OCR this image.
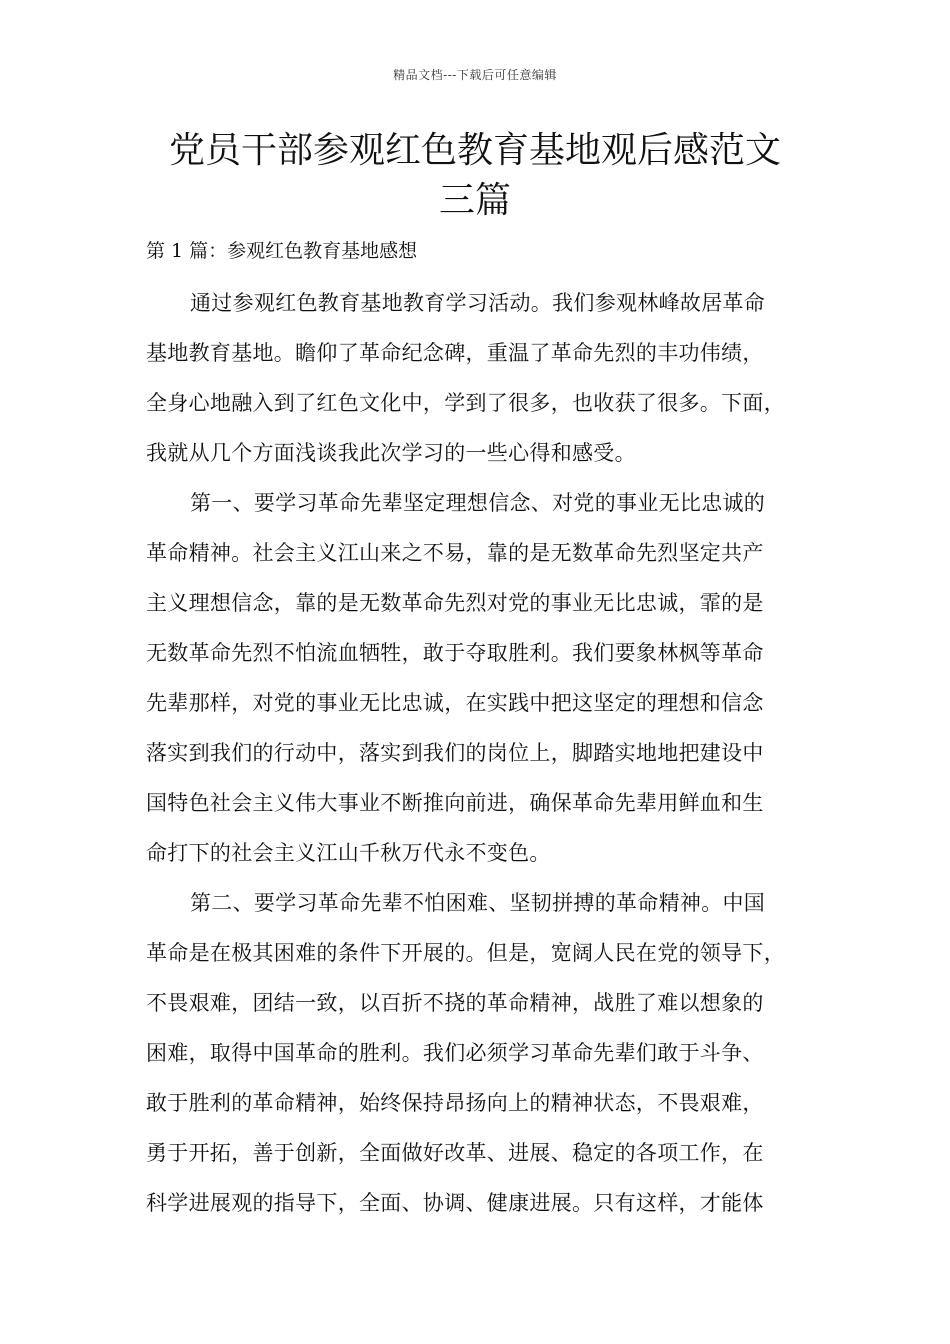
精品文档---下载后可任意编辑
党员干部参观红色教育基地观后感范文
三篇
第 1 篇：参观红色教育基地感想
通过参观红色教育基地教育学习活动。我们参观林峰故居革命
基地教育基地。瞻仰了革命纪念碑，重温了革命先烈的丰功伟绩，
全身心地融入到了红色文化中，学到了很多，也收获了很多。下面，
我就从几个方面浅谈我此次学习的一些心得和感受。
第一、要学习革命先辈坚定理想信念、对党的事业无比忠诚的
革命精神。社会主义江山来之不易，靠的是无数革命先烈坚定共产
主义理想信念，靠的是无数革命先烈对党的事业无比忠诚，霏的是
无数革命先烈不怕流血牺牲，敢于夺取胜利。我们要象林枫等革命
先辈那样，对党的事业无比忠诚，在实践中把这坚定的理想和信念
落实到我们的行动中，落实到我们的岗位上，脚踏实地地把建设中
国特色社会主义伟大事业不断推向前进，确保革命先辈用鲜血和生
命打下的社会主义江山千秋万代永不变色。
第二、要学习革命先辈不怕困难、坚韧拼搏的革命精神。中国
革命是在极其困难的条件下开展的。但是，宽阔人民在党的领导下，
不畏艰难，团结一致，以百折不挠的革命精神，战胜了难以想象的
困难，取得中国革命的胜利。我们必须学习革命先辈们敢于斗争、
敢于胜利的革命精神，始终保持昂扬向上的精神状态，不畏艰难，
勇于开拓，善于创新，全面做好改革、进展、稳定的各项工作，在
科学进展观的指导下，全面、协调、健康进展。只有这样，才能体
